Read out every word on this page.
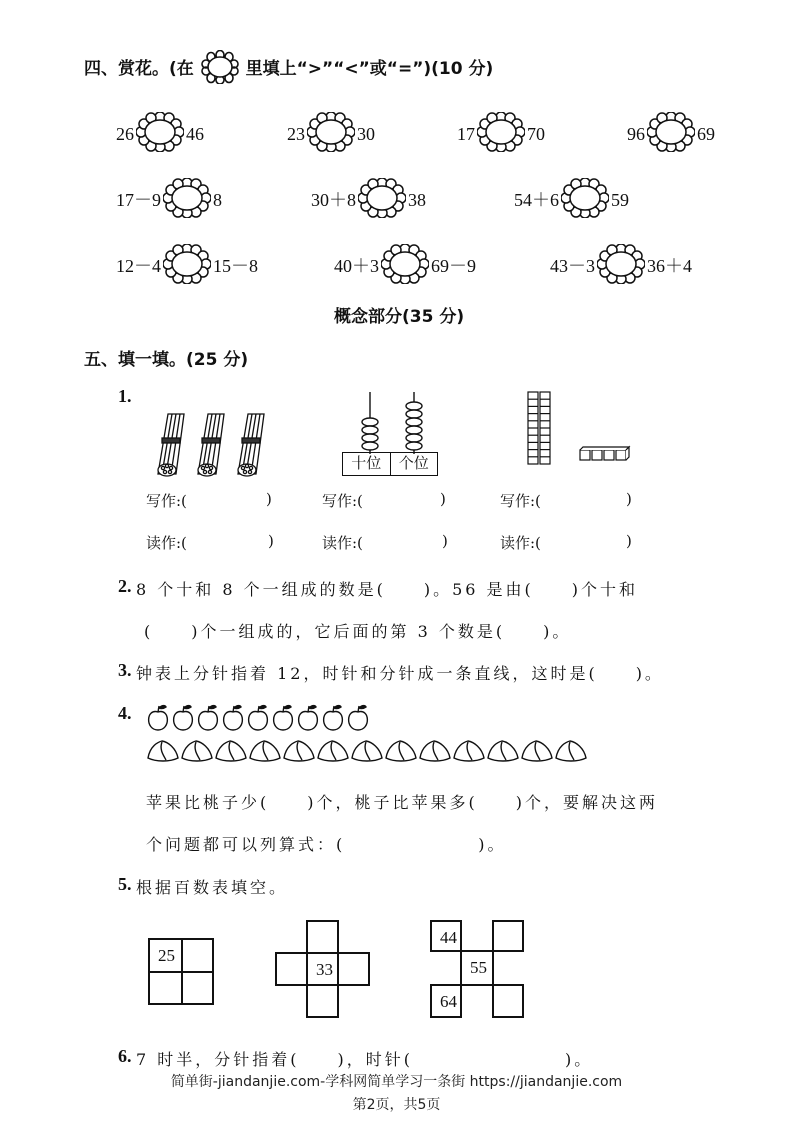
四、赏花。(在	里填上“>”“<”或“=”)(10 分)
26	46	23	30	17	70	96	69
17－9	8	30＋8	38	54＋6	59
12－4	15－8	40＋3	69－9	43－3	36＋4
概念部分(35 分)
五、填一填。(25 分)
1.
十位	个位
写作:(	)	写作:(	)	写作:(	)
读作:(	)	读作:(	)	读作:(	)
2. 8 个十和 8 个一组成的数是(　　)。56 是由(　　)个十和
(　　)个一组成的，它后面的第 3 个数是(　　)。
3. 钟表上分针指着 12，时针和分针成一条直线，这时是(　　)。
4.
苹果比桃子少(　　)个，桃子比苹果多(　　)个，要解决这两
个问题都可以列算式：(　　　　　　　)。
5. 根据百数表填空。
25
33
44
55
64
6. 7 时半，分针指着(　　)，时针(　　　　　　　　)。
简单街-jiandanjie.com-学科网简单学习一条街 https://jiandanjie.com
第2页，共5页
